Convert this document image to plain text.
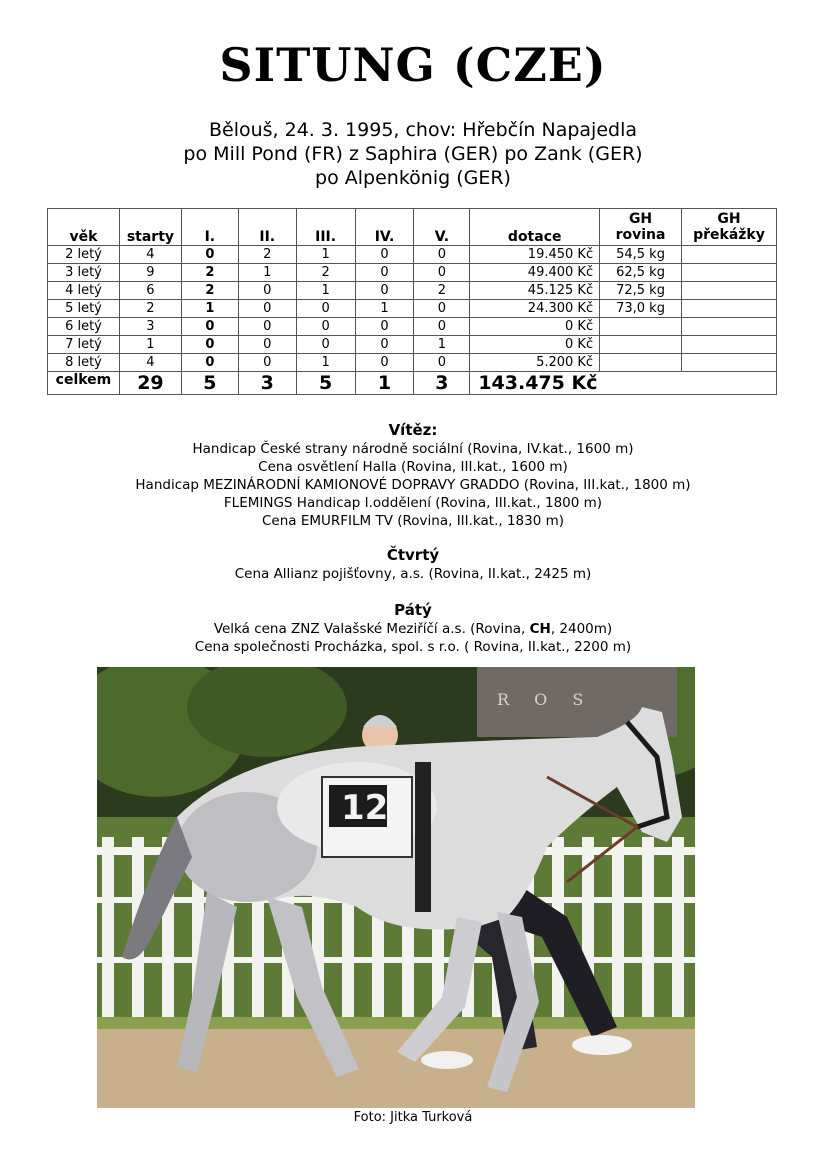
SITUNG (CZE)
Bělouš, 24. 3. 1995, chov: Hřebčín Napajedla
po Mill Pond (FR) z Saphira (GER) po Zank (GER)
po Alpenkönig (GER)
věk	starty	I.	II.	III.	IV.	V.	dotace	GH rovina	GH překážky
2 letý	4	0	2	1	0	0	19.450 Kč	54,5 kg	
3 letý	9	2	1	2	0	0	49.400 Kč	62,5 kg	
4 letý	6	2	0	1	0	2	45.125 Kč	72,5 kg	
5 letý	2	1	0	0	1	0	24.300 Kč	73,0 kg	
6 letý	3	0	0	0	0	0	0 Kč		
7 letý	1	0	0	0	0	1	0 Kč		
8 letý	4	0	0	1	0	0	5.200 Kč		
celkem	29	5	3	5	1	3	143.475 Kč		
Vítěz:
Handicap České strany národně sociální (Rovina, IV.kat., 1600 m)
Cena osvětlení Halla (Rovina, III.kat., 1600 m)
Handicap MEZINÁRODNÍ KAMIONOVÉ DOPRAVY GRADDO (Rovina, III.kat., 1800 m)
FLEMINGS Handicap I.oddělení (Rovina, III.kat., 1800 m)
Cena EMURFILM TV (Rovina, III.kat., 1830 m)
Čtvrtý
Cena Allianz pojišťovny, a.s. (Rovina, II.kat., 2425 m)
Pátý
Velká cena ZNZ Valašské Meziříčí a.s. (Rovina, CH, 2400m)
Cena společnosti Procházka, spol. s r.o. ( Rovina, II.kat., 2200 m)
R O S
12
Foto: Jitka Turková
